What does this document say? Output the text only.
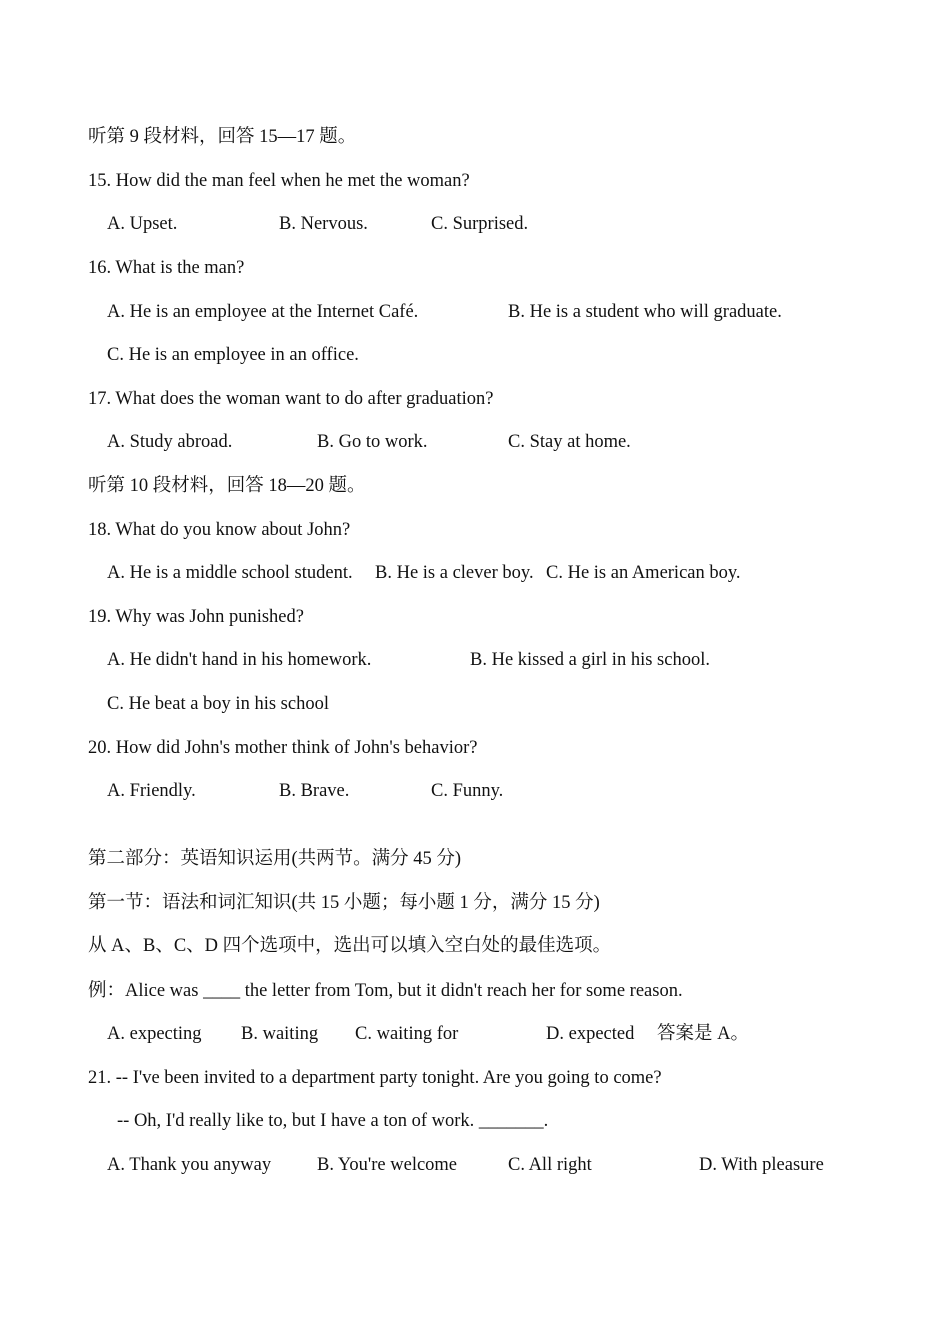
听第 9 段材料，回答 15—17 题。
15. How did the man feel when he met the woman?
A. Upset.	B. Nervous.	C. Surprised.
16. What is the man?
A. He is an employee at the Internet Café.	B. He is a student who will graduate.
C. He is an employee in an office.
17. What does the woman want to do after graduation?
A. Study abroad.	B. Go to work.	C. Stay at home.
听第 10 段材料，回答 18—20 题。
18. What do you know about John?
A. He is a middle school student. B. He is a clever boy. C. He is an American boy.
19. Why was John punished?
A. He didn't hand in his homework.	B. He kissed a girl in his school.
C. He beat a boy in his school
20. How did John's mother think of John's behavior?
A. Friendly.	B. Brave.	C. Funny.
第二部分：英语知识运用(共两节。满分 45 分)
第一节：语法和词汇知识(共 15 小题；每小题 1 分，满分 15 分)
从 A、B、C、D 四个选项中，选出可以填入空白处的最佳选项。
例：Alice was ____ the letter from Tom, but it didn't reach her for some reason.
A. expecting B. waiting C. waiting for	D. expected 答案是 A。
21. -- I've been invited to a department party tonight. Are you going to come?
-- Oh, I'd really like to, but I have a ton of work. _______.
A. Thank you anyway B. You're welcome	C. All right	D. With pleasure
